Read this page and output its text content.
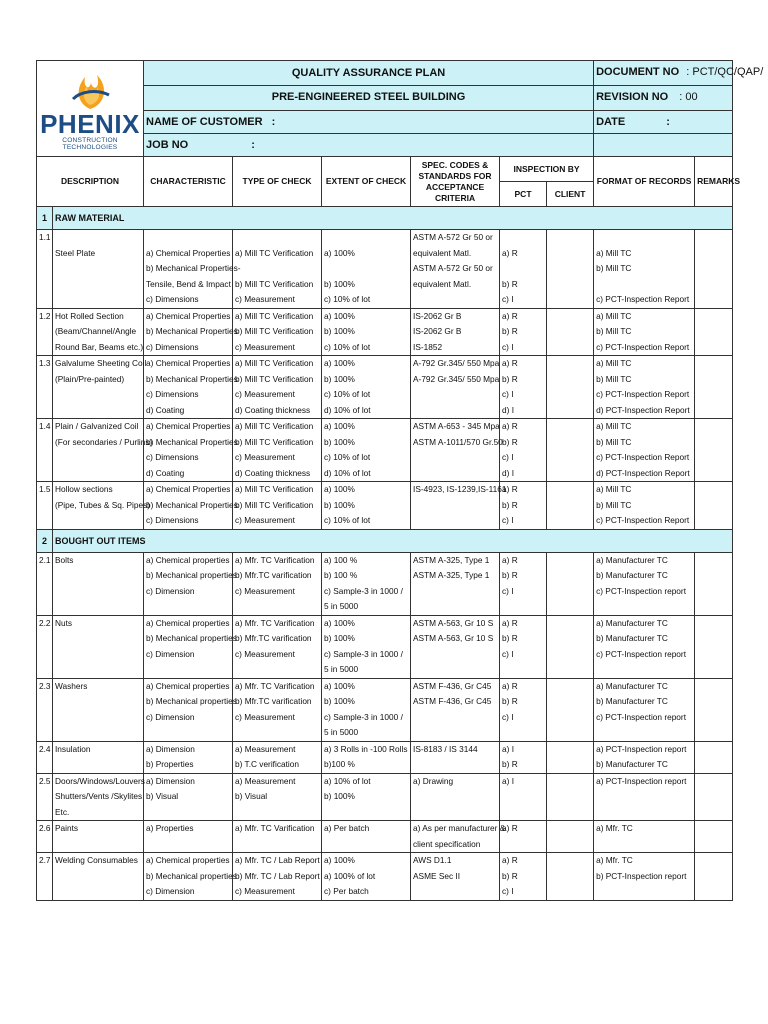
PHENIX
CONSTRUCTION TECHNOLOGIES		QUALITY ASSURANCE PLAN						DOCUMENT NO : PCT/QC/QAP/	
		PRE-ENGINEERED STEEL BUILDING						REVISION NO : 00	
		NAME OF CUSTOMER :						DATE :	
		JOB NO :							
DESCRIPTION		CHARACTERISTIC	TYPE OF CHECK	EXTENT OF CHECK	SPEC. CODES & STANDARDS FOR ACCEPTANCE CRITERIA	INSPECTION BY		FORMAT OF RECORDS	REMARKS
						PCT	CLIENT		
1	RAW MATERIAL								
1.1	Steel Plate	a) Chemical Properties
b) Mechanical Properties-
Tensile, Bend & Impact
c) Dimensions	a) Mill TC Verification

b) Mill TC Verification
c) Measurement	a) 100%

b) 100%
c) 10% of lot	ASTM A-572 Gr 50 or
equivalent Matl.
ASTM A-572 Gr 50 or
equivalent Matl.	a) R

b) R
c) I		a) Mill TC
b) Mill TC

c) PCT-Inspection Report	

1.2	Hot Rolled Section
(Beam/Channel/Angle
Round Bar, Beams etc.)	a) Chemical Properties
b) Mechanical Properties
c) Dimensions	a) Mill TC Verification
b) Mill TC Verification
c) Measurement	a) 100%
b) 100%
c) 10% of lot	IS-2062 Gr B
IS-2062 Gr B
IS-1852	a) R
b) R
c) I		a) Mill TC
b) Mill TC
c) PCT-Inspection Report	

1.3	Galvalume Sheeting Coil
(Plain/Pre-painted)	a) Chemical Properties
b) Mechanical Properties
c) Dimensions
d) Coating	a) Mill TC Verification
b) Mill TC Verification
c) Measurement
d) Coating thickness	a) 100%
b) 100%
c) 10% of lot
d) 10% of lot	A-792 Gr.345/ 550 Mpa
A-792 Gr.345/ 550 Mpa	a) R
b) R
c) I
d) I		a) Mill TC
b) Mill TC
c) PCT-Inspection Report
d) PCT-Inspection Report	

1.4	Plain / Galvanized Coil
(For secondaries / Purlins)	a) Chemical Properties
b) Mechanical Properties
c) Dimensions
d) Coating	a) Mill TC Verification
b) Mill TC Verification
c) Measurement
d) Coating thickness	a) 100%
b) 100%
c) 10% of lot
d) 10% of lot	ASTM A-653 - 345 Mpa
ASTM A-1011/570 Gr.50	a) R
b) R
c) I
d) I		a) Mill TC
b) Mill TC
c) PCT-Inspection Report
d) PCT-Inspection Report	

1.5	Hollow sections
(Pipe, Tubes & Sq. Pipes)	a) Chemical Properties
b) Mechanical Properties
c) Dimensions	a) Mill TC Verification
b) Mill TC Verification
c) Measurement	a) 100%
b) 100%
c) 10% of lot	IS-4923, IS-1239,IS-1161	a) R
b) R
c) I		a) Mill TC
b) Mill TC
c) PCT-Inspection Report	

2	BOUGHT OUT ITEMS								
2.1	Bolts	a) Chemical properties
b) Mechanical properties
c) Dimension	a) Mfr. TC Varification
b) Mfr.TC varification
c) Measurement	a) 100 %
b) 100 %
c) Sample-3 in 1000 /
5 in 5000	ASTM A-325, Type 1
ASTM A-325, Type 1	a) R
b) R
c) I		a) Manufacturer TC
b) Manufacturer TC
c) PCT-Inspection report	

2.2	Nuts	a) Chemical properties
b) Mechanical properties
c) Dimension	a) Mfr. TC Varification
b) Mfr.TC varification
c) Measurement	a) 100%
b) 100%
c) Sample-3 in 1000 /
5 in 5000	ASTM A-563, Gr 10 S
ASTM A-563, Gr 10 S	a) R
b) R
c) I		a) Manufacturer TC
b) Manufacturer TC
c) PCT-Inspection report	

2.3	Washers	a) Chemical properties
b) Mechanical properties
c) Dimension	a) Mfr. TC Varification
b) Mfr.TC varification
c) Measurement	a) 100%
b) 100%
c) Sample-3 in 1000 /
5 in 5000	ASTM F-436, Gr C45
ASTM F-436, Gr C45	a) R
b) R
c) I		a) Manufacturer TC
b) Manufacturer TC
c) PCT-Inspection report	

2.4	Insulation	a) Dimension
b) Properties	a) Measurement
b) T.C verification	a) 3 Rolls in -100 Rolls
b)100 %	IS-8183 / IS 3144	a) I
b) R		a) PCT-Inspection report
b) Manufacturer TC	

2.5	Doors/Windows/Louvers
Shutters/Vents /Skylites
Etc.	a) Dimension
b) Visual	a) Measurement
b) Visual	a) 10% of lot
b) 100%	a) Drawing	a) I		a) PCT-Inspection report	

2.6	Paints	a) Properties	a) Mfr. TC Varification	a) Per batch	a) As per manufacturer &
client specification	a) R		a) Mfr. TC	

2.7	Welding Consumables	a) Chemical properties
b) Mechanical properties
c) Dimension	a) Mfr. TC / Lab Report
b) Mfr. TC / Lab Report
c) Measurement	a) 100%
a) 100% of lot
c) Per batch	AWS D1.1
ASME Sec II	a) R
b) R
c) I		a) Mfr. TC
b) PCT-Inspection report	
